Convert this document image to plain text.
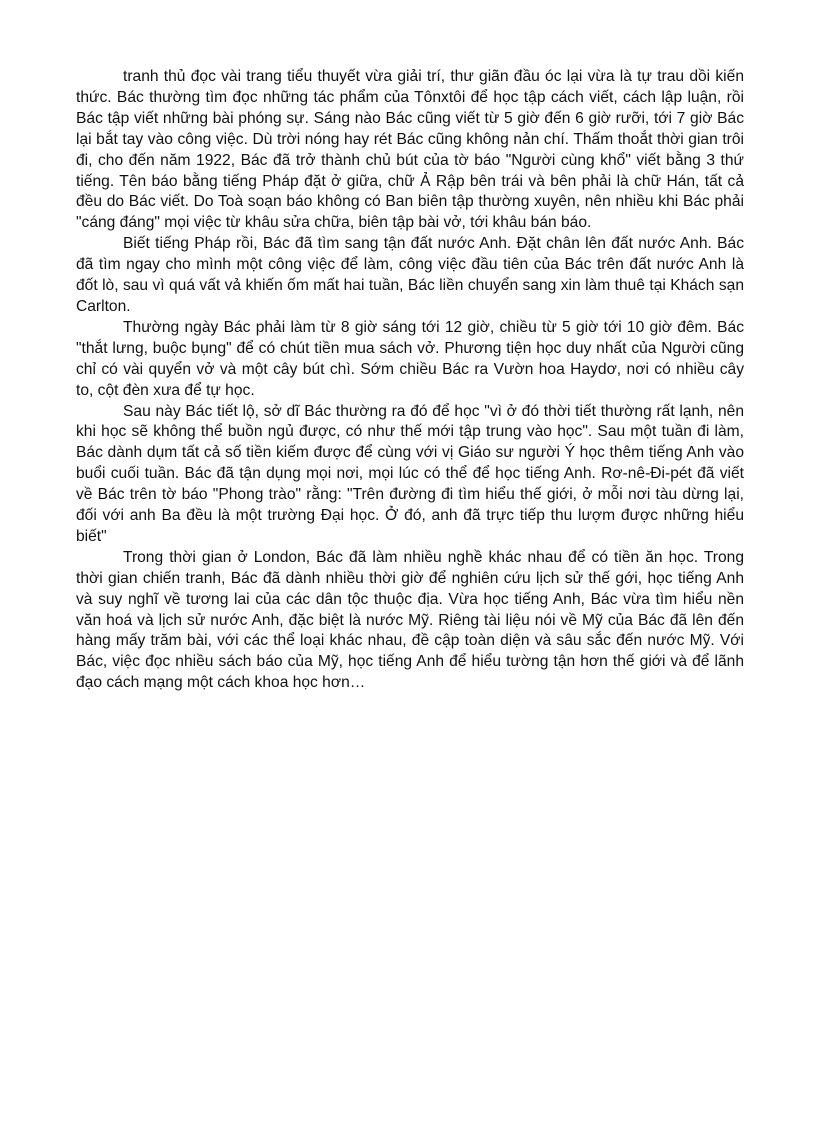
tranh thủ đọc vài trang tiểu thuyết vừa giải trí, thư giãn đầu óc lại vừa là tự trau dồi kiến thức. Bác thường tìm đọc những tác phẩm của Tônxtôi để học tập cách viết, cách lập luận, rồi Bác tập viết những bài phóng sự. Sáng nào Bác cũng viết từ 5 giờ đến 6 giờ rưỡi, tới 7 giờ Bác lại bắt tay vào công việc. Dù trời nóng hay rét Bác cũng không nản chí. Thấm thoắt thời gian trôi đi, cho đến năm 1922, Bác đã trở thành chủ bút của tờ báo "Người cùng khổ" viết bằng 3 thứ tiếng. Tên báo bằng tiếng Pháp đặt ở giữa, chữ Ả Rập bên trái và bên phải là chữ Hán, tất cả đều do Bác viết. Do Toà soạn báo không có Ban biên tập thường xuyên, nên nhiều khi Bác phải "cáng đáng" mọi việc từ khâu sửa chữa, biên tập bài vở, tới khâu bán báo.

Biết tiếng Pháp rồi, Bác đã tìm sang tận đất nước Anh. Đặt chân lên đất nước Anh. Bác đã tìm ngay cho mình một công việc để làm, công việc đầu tiên của Bác trên đất nước Anh là đốt lò, sau vì quá vất vả khiến ốm mất hai tuần, Bác liền chuyển sang xin làm thuê tại Khách sạn Carlton.

Thường ngày Bác phải làm từ 8 giờ sáng tới 12 giờ, chiều từ 5 giờ tới 10 giờ đêm. Bác "thắt lưng, buộc bụng" để có chút tiền mua sách vở. Phương tiện học duy nhất của Người cũng chỉ có vài quyển vở và một cây bút chì. Sớm chiều Bác ra Vườn hoa Haydơ, nơi có nhiều cây to, cột đèn xưa để tự học.

Sau này Bác tiết lộ, sở dĩ Bác thường ra đó để học "vì ở đó thời tiết thường rất lạnh, nên khi học sẽ không thể buồn ngủ được, có như thế mới tập trung vào học". Sau một tuần đi làm, Bác dành dụm tất cả số tiền kiếm được để cùng với vị Giáo sư người Ý học thêm tiếng Anh vào buổi cuối tuần. Bác đã tận dụng mọi nơi, mọi lúc có thể để học tiếng Anh. Rơ-nê-Đi-pét đã viết về Bác trên tờ báo "Phong trào" rằng: "Trên đường đi tìm hiểu thế giới, ở mỗi nơi tàu dừng lại, đối với anh Ba đều là một trường Đại học. Ở đó, anh đã trực tiếp thu lượm được những hiểu biết"

Trong thời gian ở London, Bác đã làm nhiều nghề khác nhau để có tiền ăn học. Trong thời gian chiến tranh, Bác đã dành nhiều thời giờ để nghiên cứu lịch sử thế gới, học tiếng Anh và suy nghĩ về tương lai của các dân tộc thuộc địa. Vừa học tiếng Anh, Bác vừa tìm hiểu nền văn hoá và lịch sử nước Anh, đặc biệt là nước Mỹ. Riêng tài liệu nói về Mỹ của Bác đã lên đến hàng mấy trăm bài, với các thể loại khác nhau, đề cập toàn diện và sâu sắc đến nước Mỹ. Với Bác, việc đọc nhiều sách báo của Mỹ, học tiếng Anh để hiểu tường tận hơn thế giới và để lãnh đạo cách mạng một cách khoa học hơn…
